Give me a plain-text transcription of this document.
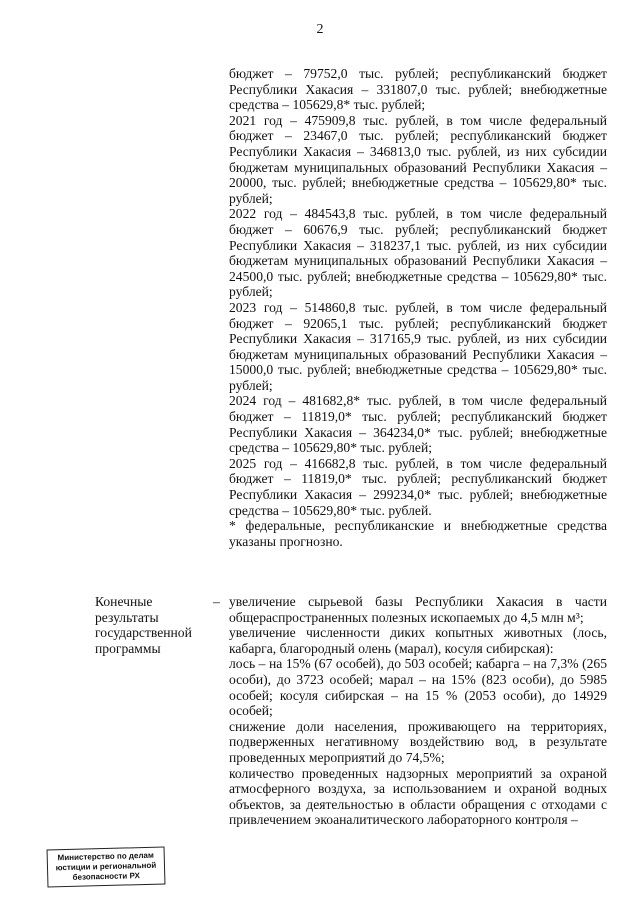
2

бюджет – 79752,0 тыс. рублей; республиканский бюджет Республики Хакасия – 331807,0 тыс. рублей; внебюджетные средства – 105629,8* тыс. рублей;

2021 год – 475909,8 тыс. рублей, в том числе федеральный бюджет – 23467,0 тыс. рублей; республиканский бюджет Республики Хакасия – 346813,0 тыс. рублей, из них субсидии бюджетам муниципальных образований Республики Хакасия – 20000, тыс. рублей; внебюджетные средства – 105629,80* тыс. рублей;

2022 год – 484543,8 тыс. рублей, в том числе федеральный бюджет – 60676,9 тыс. рублей; республиканский бюджет Республики Хакасия – 318237,1 тыс. рублей, из них субсидии бюджетам муниципальных образований Республики Хакасия – 24500,0 тыс. рублей; внебюджетные средства – 105629,80* тыс. рублей;

2023 год – 514860,8 тыс. рублей, в том числе федеральный бюджет – 92065,1 тыс. рублей; республиканский бюджет Республики Хакасия – 317165,9 тыс. рублей, из них субсидии бюджетам муниципальных образований Республики Хакасия – 15000,0 тыс. рублей; внебюджетные средства – 105629,80* тыс. рублей;

2024 год – 481682,8* тыс. рублей, в том числе федеральный бюджет – 11819,0* тыс. рублей; республиканский бюджет Республики Хакасия – 364234,0* тыс. рублей; внебюджетные средства – 105629,80* тыс. рублей;

2025 год – 416682,8 тыс. рублей, в том числе федеральный бюджет – 11819,0* тыс. рублей; республиканский бюджет Республики Хакасия – 299234,0* тыс. рублей; внебюджетные средства – 105629,80* тыс. рублей.

* федеральные, республиканские и внебюджетные средства указаны прогнозно.

Конечные результаты государственной программы
– увеличение сырьевой базы Республики Хакасия в части общераспространенных полезных ископаемых до 4,5 млн м³;

увеличение численности диких копытных животных (лось, кабарга, благородный олень (марал), косуля сибирская):

лось – на 15% (67 особей), до 503 особей; кабарга – на 7,3% (265 особи), до 3723 особей; марал – на 15% (823 особи), до 5985 особей; косуля сибирская – на 15 % (2053 особи), до 14929 особей;

снижение доли населения, проживающего на территориях, подверженных негативному воздействию вод, в результате проведенных мероприятий до 74,5%;

количество проведенных надзорных мероприятий за охраной атмосферного воздуха, за использованием и охраной водных объектов, за деятельностью в области обращения с отходами с привлечением экоаналитического лабораторного контроля –

Министерство по делам
юстиции и региональной
безопасности РХ
